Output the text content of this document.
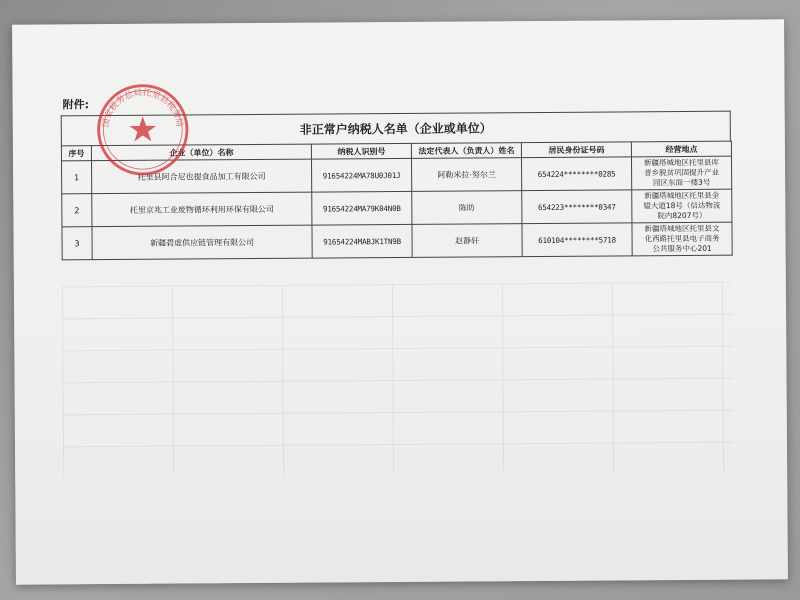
附件:
非正常户纳税人名单（企业或单位）
序号	企业（单位）名称	纳税人识别号	法定代表人（负责人）姓名	居民身份证号码	经营地点
1	托里县阿合尼也提食品加工有限公司	91654224MA78U0J01J	阿勒米拉·努尔兰	654224********0285	新疆塔城地区托里县库
普乡脱贫巩固提升产业
园区东面一楼3号

2	托里京兆工业废物循环利用环保有限公司	91654224MA79K04N0B	陈昉	654223********0347	新疆塔城地区托里县金
镒大道18号（信达物流
院内8207号）

3	新疆碧虚供应链管理有限公司	91654224MABJK1TN9B	赵静轩	610104********5718	新疆塔城地区托里县文
化西路托里县电子商务
公共服务中心201
国家税务总局托里县税务局
